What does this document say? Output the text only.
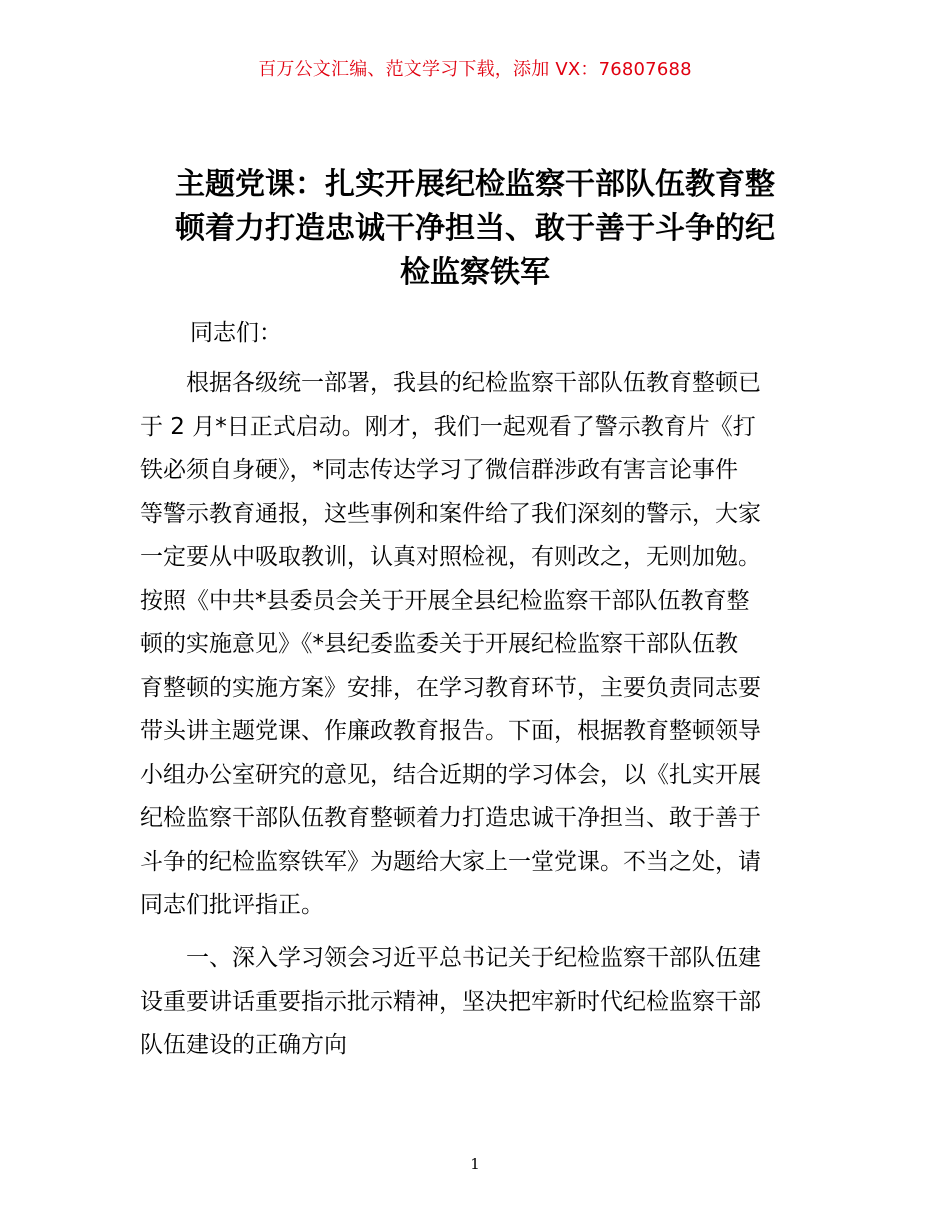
百万公文汇编、范文学习下载，添加 VX：76807688
主题党课：扎实开展纪检监察干部队伍教育整
顿着力打造忠诚干净担当、敢于善于斗争的纪
检监察铁军
同志们：
　　根据各级统一部署，我县的纪检监察干部队伍教育整顿已
于 2 月*日正式启动。刚才，我们一起观看了警示教育片《打
铁必须自身硬》，*同志传达学习了微信群涉政有害言论事件
等警示教育通报，这些事例和案件给了我们深刻的警示，大家
一定要从中吸取教训，认真对照检视，有则改之，无则加勉。
按照《中共*县委员会关于开展全县纪检监察干部队伍教育整
顿的实施意见》《*县纪委监委关于开展纪检监察干部队伍教
育整顿的实施方案》安排，在学习教育环节，主要负责同志要
带头讲主题党课、作廉政教育报告。下面，根据教育整顿领导
小组办公室研究的意见，结合近期的学习体会，以《扎实开展
纪检监察干部队伍教育整顿着力打造忠诚干净担当、敢于善于
斗争的纪检监察铁军》为题给大家上一堂党课。不当之处，请
同志们批评指正。
　　一、深入学习领会习近平总书记关于纪检监察干部队伍建
设重要讲话重要指示批示精神，坚决把牢新时代纪检监察干部
队伍建设的正确方向
1
